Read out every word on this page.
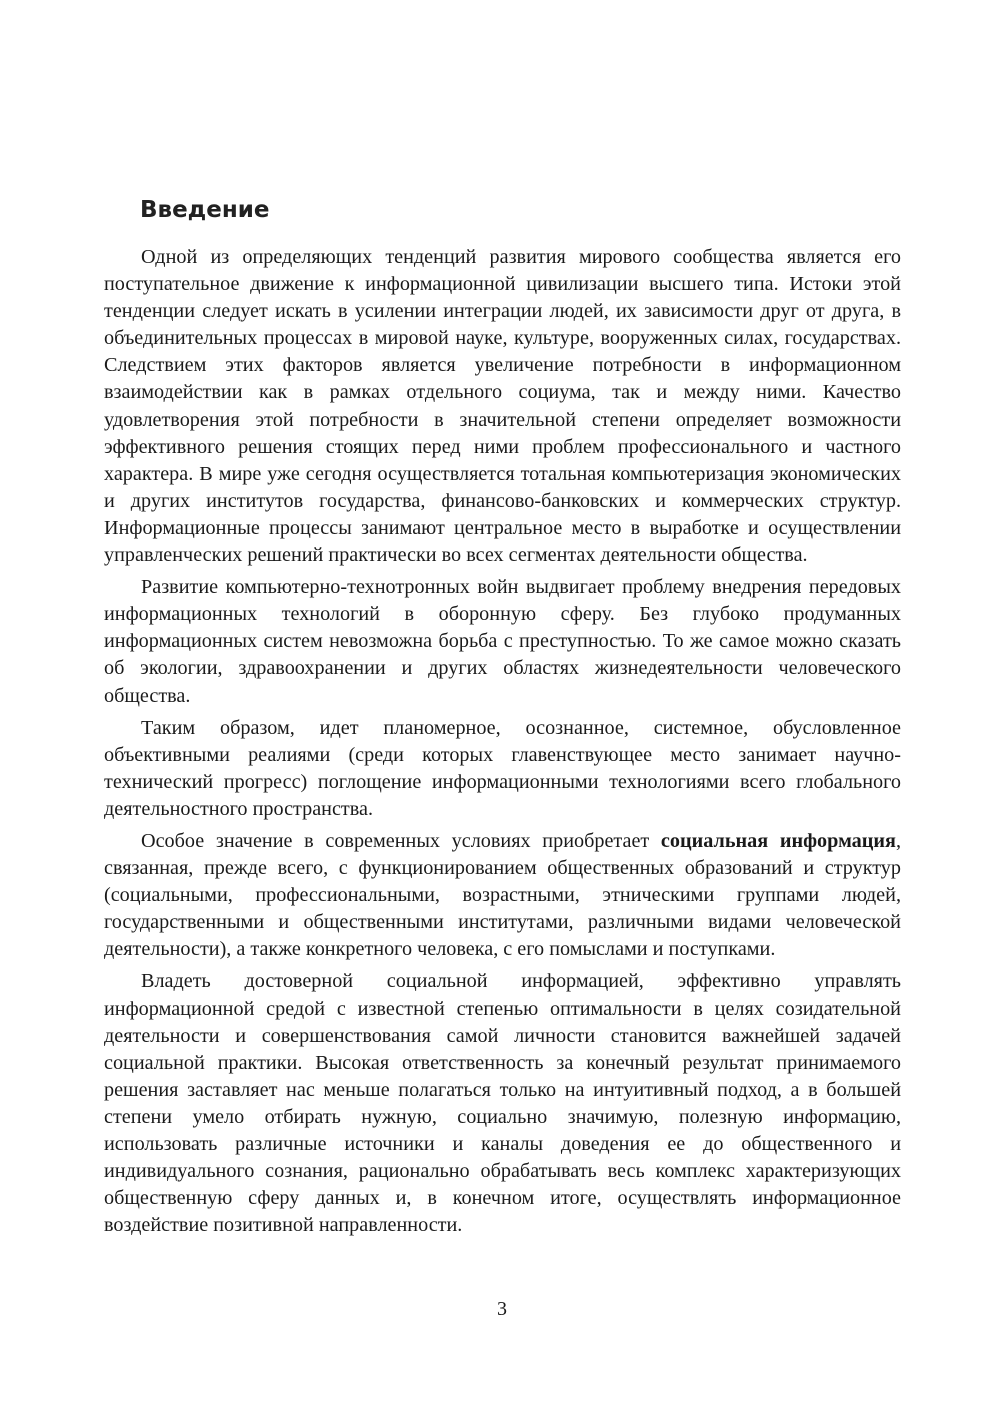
Введение

Одной из определяющих тенденций развития мирового сообщества является его поступательное движение к информационной цивилизации высшего типа. Истоки этой тенденции следует искать в усилении интеграции людей, их зависимости друг от друга, в объединительных процессах в мировой науке, культуре, вооруженных силах, государствах. Следствием этих факторов является увеличение потребности в информационном взаимодействии как в рамках отдельного социума, так и между ними. Качество удовлетворения этой потребности в значительной степени определяет возможности эффективного решения стоящих перед ними проблем профессионального и частного характера. В мире уже сегодня осуществляется тотальная компьютеризация экономических и других институтов государства, финансово-банковских и коммерческих структур. Информационные процессы занимают центральное место в выработке и осуществлении управленческих решений практически во всех сегментах деятельности общества.

Развитие компьютерно-технотронных войн выдвигает проблему внедрения передовых информационных технологий в оборонную сферу. Без глубоко продуманных информационных систем невозможна борьба с преступностью. То же самое можно сказать об экологии, здравоохранении и других областях жизнедеятельности человеческого общества.

Таким образом, идет планомерное, осознанное, системное, обусловленное объективными реалиями (среди которых главенствующее место занимает научно-технический прогресс) поглощение информационными технологиями всего глобального деятельностного пространства.

Особое значение в современных условиях приобретает социальная информация, связанная, прежде всего, с функционированием общественных образований и структур (социальными, профессиональными, возрастными, этническими группами людей, государственными и общественными институтами, различными видами человеческой деятельности), а также конкретного человека, с его помыслами и поступками.

Владеть достоверной социальной информацией, эффективно управлять информационной средой с известной степенью оптимальности в целях созидательной деятельности и совершенствования самой личности становится важнейшей задачей социальной практики. Высокая ответственность за конечный результат принимаемого решения заставляет нас меньше полагаться только на интуитивный подход, а в большей степени умело отбирать нужную, социально значимую, полезную информацию, использовать различные источники и каналы доведения ее до общественного и индивидуального сознания, рационально обрабатывать весь комплекс характеризующих общественную сферу данных и, в конечном итоге, осуществлять информационное воздействие позитивной направленности.

3
